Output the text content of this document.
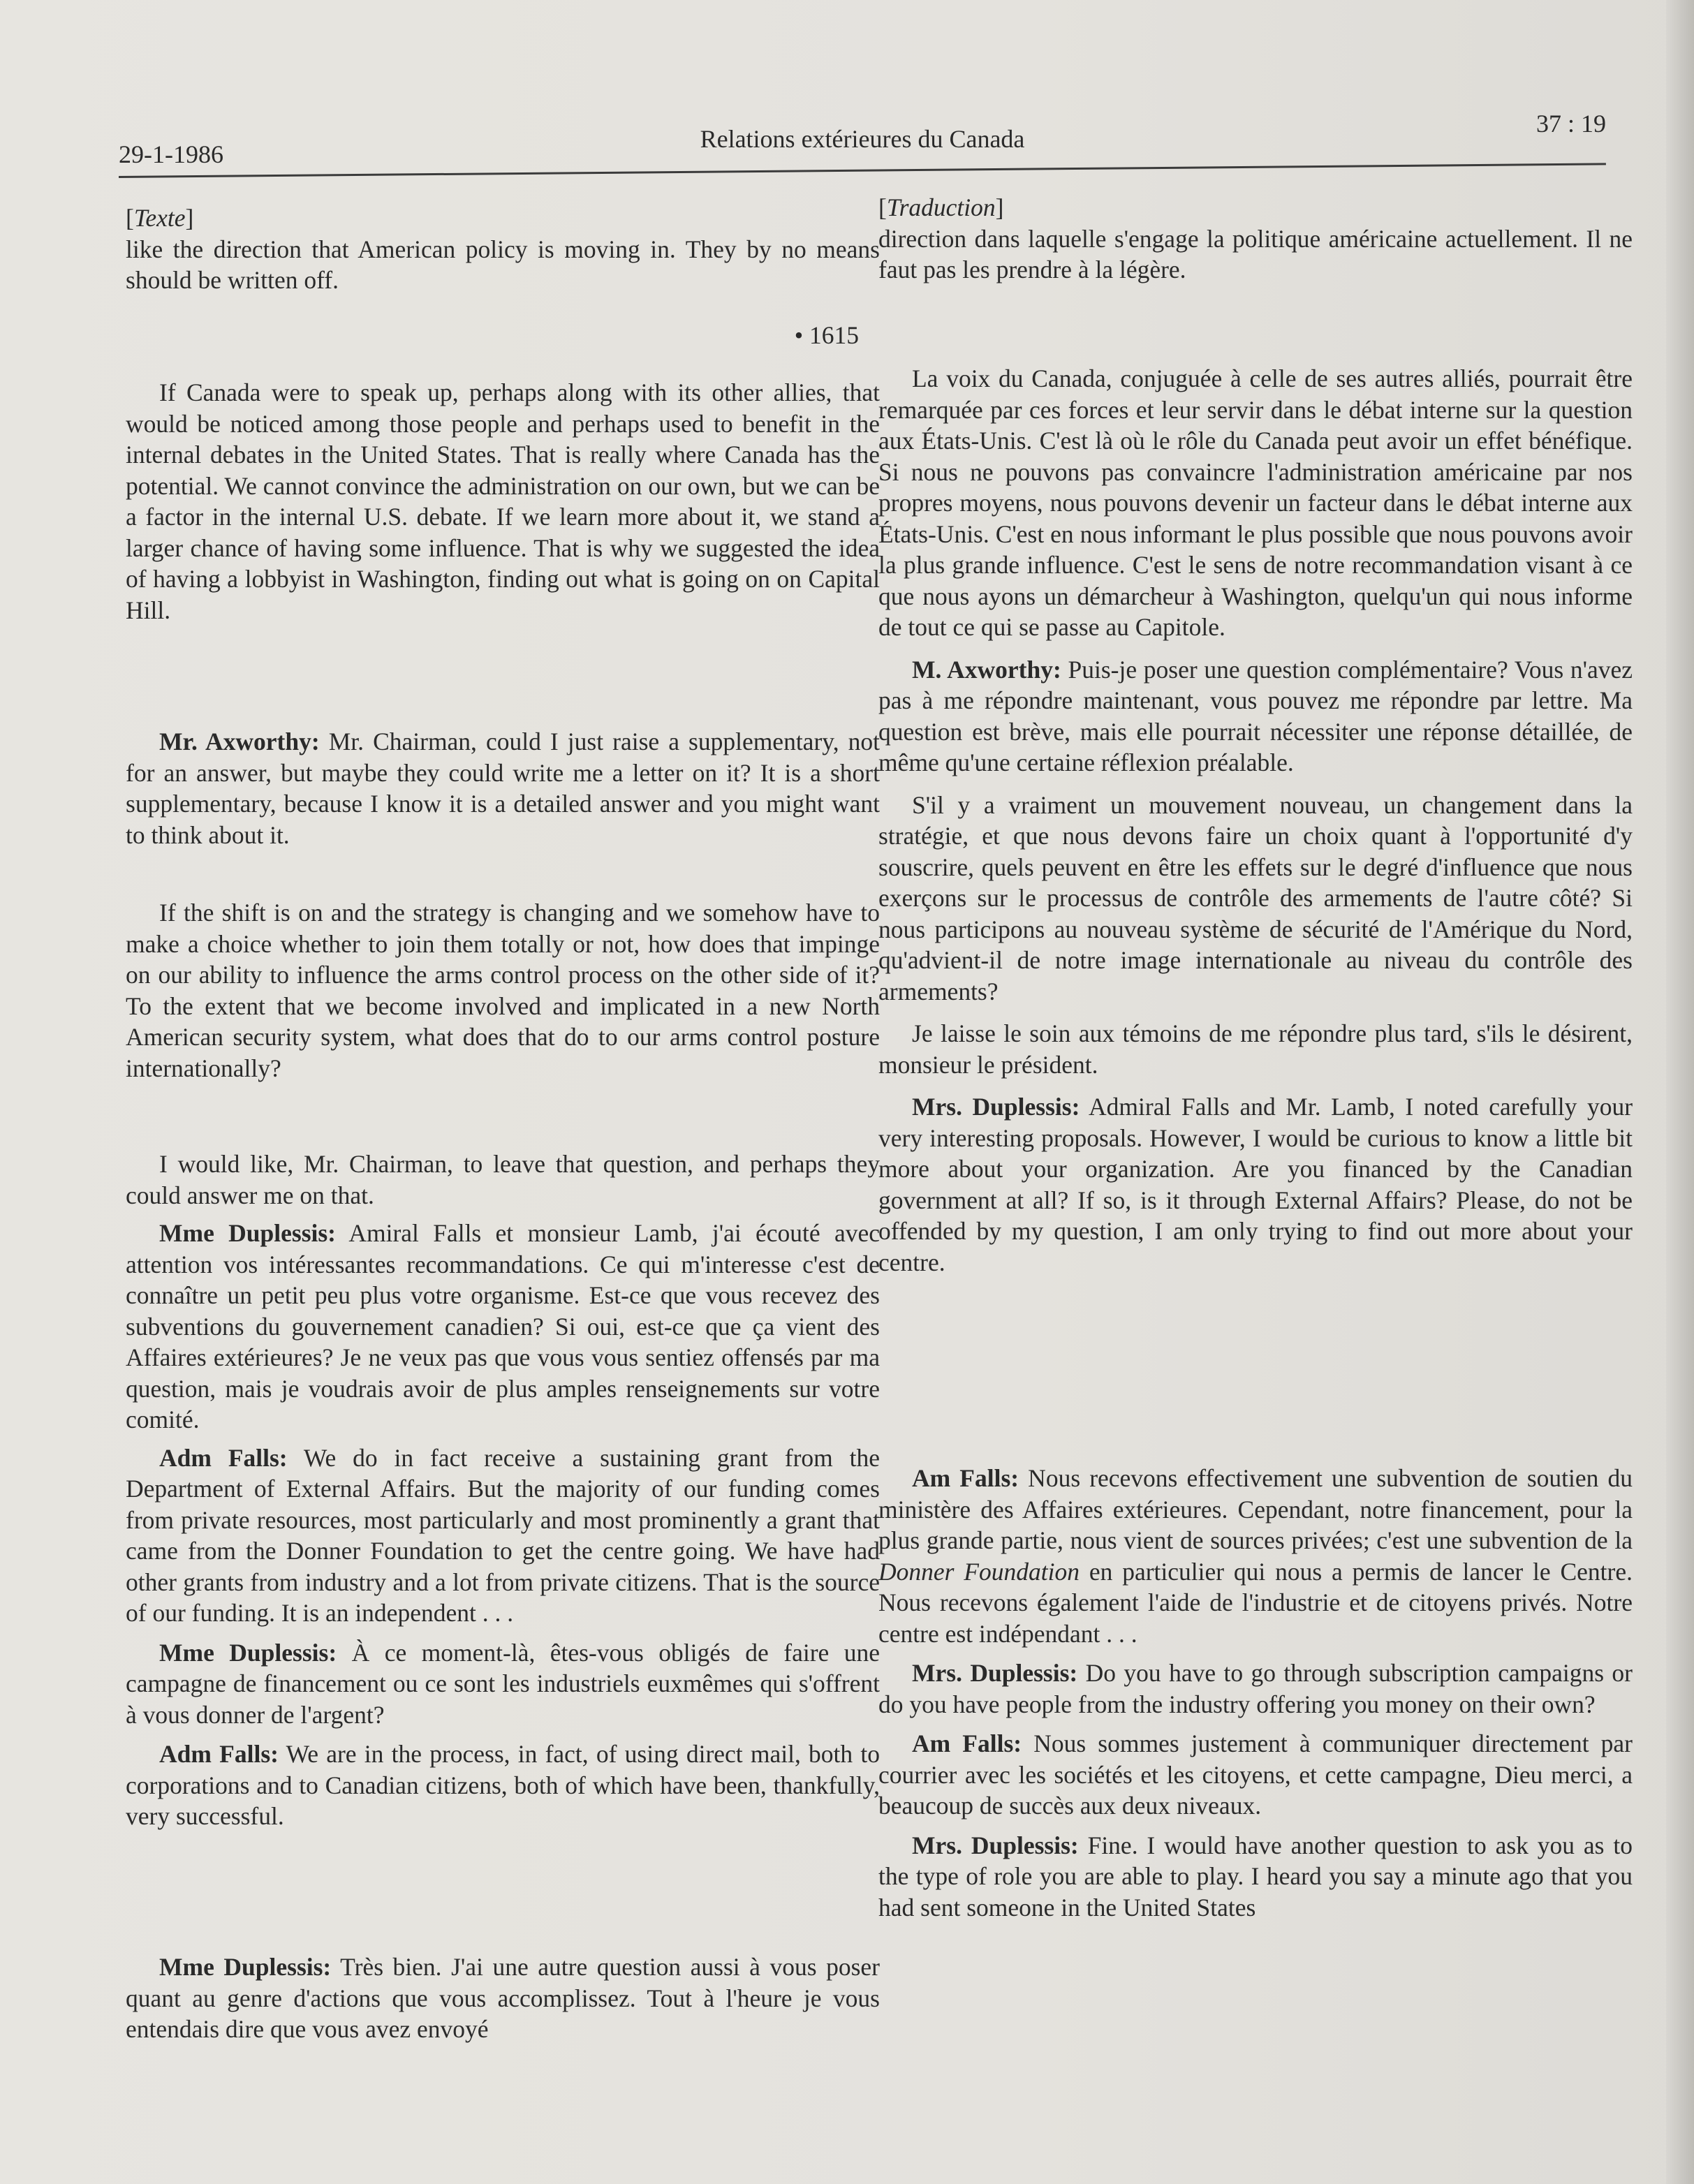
29-1-1986
Relations extérieures du Canada
37 : 19

[Texte]

like the direction that American policy is moving in. They by no means should be written off.

• 1615

If Canada were to speak up, perhaps along with its other allies, that would be noticed among those people and perhaps used to benefit in the internal debates in the United States. That is really where Canada has the potential. We cannot convince the administration on our own, but we can be a factor in the internal U.S. debate. If we learn more about it, we stand a larger chance of having some influence. That is why we suggested the idea of having a lobbyist in Washington, finding out what is going on on Capital Hill.

Mr. Axworthy: Mr. Chairman, could I just raise a supplementary, not for an answer, but maybe they could write me a letter on it? It is a short supplementary, because I know it is a detailed answer and you might want to think about it.

If the shift is on and the strategy is changing and we somehow have to make a choice whether to join them totally or not, how does that impinge on our ability to influence the arms control process on the other side of it? To the extent that we become involved and implicated in a new North American security system, what does that do to our arms control posture internationally?

I would like, Mr. Chairman, to leave that question, and perhaps they could answer me on that.

Mme Duplessis: Amiral Falls et monsieur Lamb, j'ai écouté avec attention vos intéressantes recommandations. Ce qui m'interesse c'est de connaître un petit peu plus votre organisme. Est-ce que vous recevez des subventions du gouvernement canadien? Si oui, est-ce que ça vient des Affaires extérieures? Je ne veux pas que vous vous sentiez offensés par ma question, mais je voudrais avoir de plus amples renseignements sur votre comité.

Adm Falls: We do in fact receive a sustaining grant from the Department of External Affairs. But the majority of our funding comes from private resources, most particularly and most prominently a grant that came from the Donner Foundation to get the centre going. We have had other grants from industry and a lot from private citizens. That is the source of our funding. It is an independent . . .

Mme Duplessis: À ce moment-là, êtes-vous obligés de faire une campagne de financement ou ce sont les industriels euxmêmes qui s'offrent à vous donner de l'argent?

Adm Falls: We are in the process, in fact, of using direct mail, both to corporations and to Canadian citizens, both of which have been, thankfully, very successful.

Mme Duplessis: Très bien. J'ai une autre question aussi à vous poser quant au genre d'actions que vous accomplissez. Tout à l'heure je vous entendais dire que vous avez envoyé

[Traduction]

direction dans laquelle s'engage la politique américaine actuellement. Il ne faut pas les prendre à la légère.

La voix du Canada, conjuguée à celle de ses autres alliés, pourrait être remarquée par ces forces et leur servir dans le débat interne sur la question aux États-Unis. C'est là où le rôle du Canada peut avoir un effet bénéfique. Si nous ne pouvons pas convaincre l'administration américaine par nos propres moyens, nous pouvons devenir un facteur dans le débat interne aux États-Unis. C'est en nous informant le plus possible que nous pouvons avoir la plus grande influence. C'est le sens de notre recommandation visant à ce que nous ayons un démarcheur à Washington, quelqu'un qui nous informe de tout ce qui se passe au Capitole.

M. Axworthy: Puis-je poser une question complémentaire? Vous n'avez pas à me répondre maintenant, vous pouvez me répondre par lettre. Ma question est brève, mais elle pourrait nécessiter une réponse détaillée, de même qu'une certaine réflexion préalable.

S'il y a vraiment un mouvement nouveau, un changement dans la stratégie, et que nous devons faire un choix quant à l'opportunité d'y souscrire, quels peuvent en être les effets sur le degré d'influence que nous exerçons sur le processus de contrôle des armements de l'autre côté? Si nous participons au nouveau système de sécurité de l'Amérique du Nord, qu'advient-il de notre image internationale au niveau du contrôle des armements?

Je laisse le soin aux témoins de me répondre plus tard, s'ils le désirent, monsieur le président.

Mrs. Duplessis: Admiral Falls and Mr. Lamb, I noted carefully your very interesting proposals. However, I would be curious to know a little bit more about your organization. Are you financed by the Canadian government at all? If so, is it through External Affairs? Please, do not be offended by my question, I am only trying to find out more about your centre.

Am Falls: Nous recevons effectivement une subvention de soutien du ministère des Affaires extérieures. Cependant, notre financement, pour la plus grande partie, nous vient de sources privées; c'est une subvention de la Donner Foundation en particulier qui nous a permis de lancer le Centre. Nous recevons également l'aide de l'industrie et de citoyens privés. Notre centre est indépendant . . .

Mrs. Duplessis: Do you have to go through subscription campaigns or do you have people from the industry offering you money on their own?

Am Falls: Nous sommes justement à communiquer directement par courrier avec les sociétés et les citoyens, et cette campagne, Dieu merci, a beaucoup de succès aux deux niveaux.

Mrs. Duplessis: Fine. I would have another question to ask you as to the type of role you are able to play. I heard you say a minute ago that you had sent someone in the United States
